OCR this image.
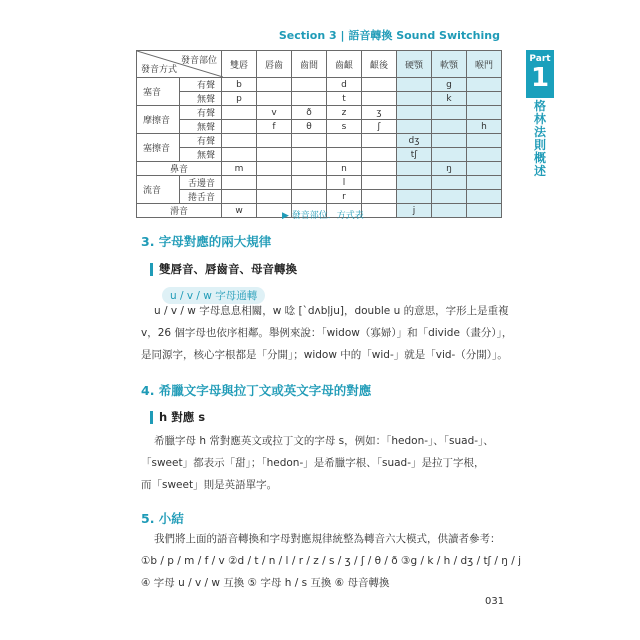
Section 3 | 語音轉換 Sound Switching
Part
1
格林法則概述
發音部位
發音方式		雙唇	唇齒	齒間	齒齦	齦後	硬顎	軟顎	喉門
塞音	有聲	b			d			g	
	無聲	p			t			k	
摩擦音	有聲		v	ð	z	ʒ			
	無聲		f	θ	s	ʃ			h
塞擦音	有聲						dʒ		
	無聲						tʃ		
鼻音		m			n			ŋ	
流音	舌邊音				l				
	捲舌音				r				
滑音		w					j		
▶ 發音部位．方式表
3. 字母對應的兩大規律
雙唇音、唇齒音、母音轉換
u / v / w 字母通轉
u / v / w 字母息息相關，w 唸 [ˋdʌbl̩ju]，double u 的意思，字形上是重複
v，26 個字母也依序相鄰。舉例來說：「widow（寡婦）」和「divide（畫分）」，
是同源字，核心字根都是「分開」；widow 中的「wid-」就是「vid-（分開）」。
4. 希臘文字母與拉丁文或英文字母的對應
h 對應 s
希臘字母 h 常對應英文或拉丁文的字母 s，例如：「hedon-」、「suad-」、
「sweet」都表示「甜」；「hedon-」是希臘字根、「suad-」是拉丁字根，
而「sweet」則是英語單字。
5. 小結
我們將上面的語音轉換和字母對應規律統整為轉音六大模式，供讀者參考：
①b / p / m / f / v ②d / t / n / l / r / z / s / ʒ / ʃ / θ / ð ③g / k / h / dʒ / tʃ / ŋ / j
④ 字母 u / v / w 互換 ⑤ 字母 h / s 互換 ⑥ 母音轉換
031
